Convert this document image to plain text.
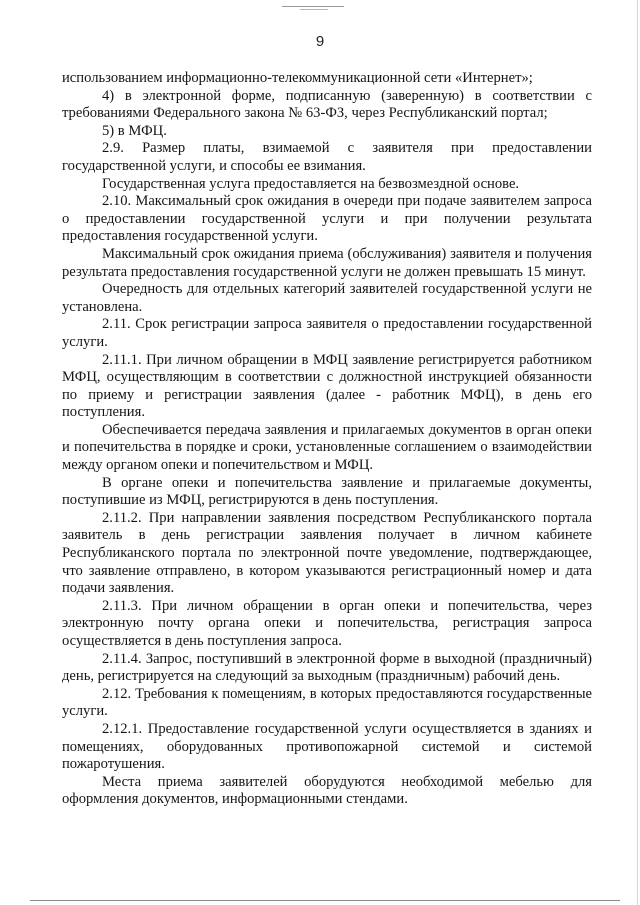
9

использованием информационно-телекоммуникационной сети «Интернет»;

4) в электронной форме, подписанную (заверенную) в соответствии с требованиями Федерального закона № 63-ФЗ, через Республиканский портал;

5) в МФЦ.

2.9. Размер платы, взимаемой с заявителя при предоставлении государственной услуги, и способы ее взимания.

Государственная услуга предоставляется на безвозмездной основе.

2.10. Максимальный срок ожидания в очереди при подаче заявителем запроса о предоставлении государственной услуги и при получении результата предоставления государственной услуги.

Максимальный срок ожидания приема (обслуживания) заявителя и получения результата предоставления государственной услуги не должен превышать 15 минут.

Очередность для отдельных категорий заявителей государственной услуги не установлена.

2.11. Срок регистрации запроса заявителя о предоставлении государственной услуги.

2.11.1. При личном обращении в МФЦ заявление регистрируется работником МФЦ, осуществляющим в соответствии с должностной инструкцией обязанности по приему и регистрации заявления (далее - работник МФЦ), в день его поступления.

Обеспечивается передача заявления и прилагаемых документов в орган опеки и попечительства в порядке и сроки, установленные соглашением о взаимодействии между органом опеки и попечительством и МФЦ.

В органе опеки и попечительства заявление и прилагаемые документы, поступившие из МФЦ, регистрируются в день поступления.

2.11.2. При направлении заявления посредством Республиканского портала заявитель в день регистрации заявления получает в личном кабинете Республиканского портала по электронной почте уведомление, подтверждающее, что заявление отправлено, в котором указываются регистрационный номер и дата подачи заявления.

2.11.3. При личном обращении в орган опеки и попечительства, через электронную почту органа опеки и попечительства, регистрация запроса осуществляется в день поступления запроса.

2.11.4. Запрос, поступивший в электронной форме в выходной (праздничный) день, регистрируется на следующий за выходным (праздничным) рабочий день.

2.12. Требования к помещениям, в которых предоставляются государственные услуги.

2.12.1. Предоставление государственной услуги осуществляется в зданиях и помещениях, оборудованных противопожарной системой и системой пожаротушения.

Места приема заявителей оборудуются необходимой мебелью для оформления документов, информационными стендами.
